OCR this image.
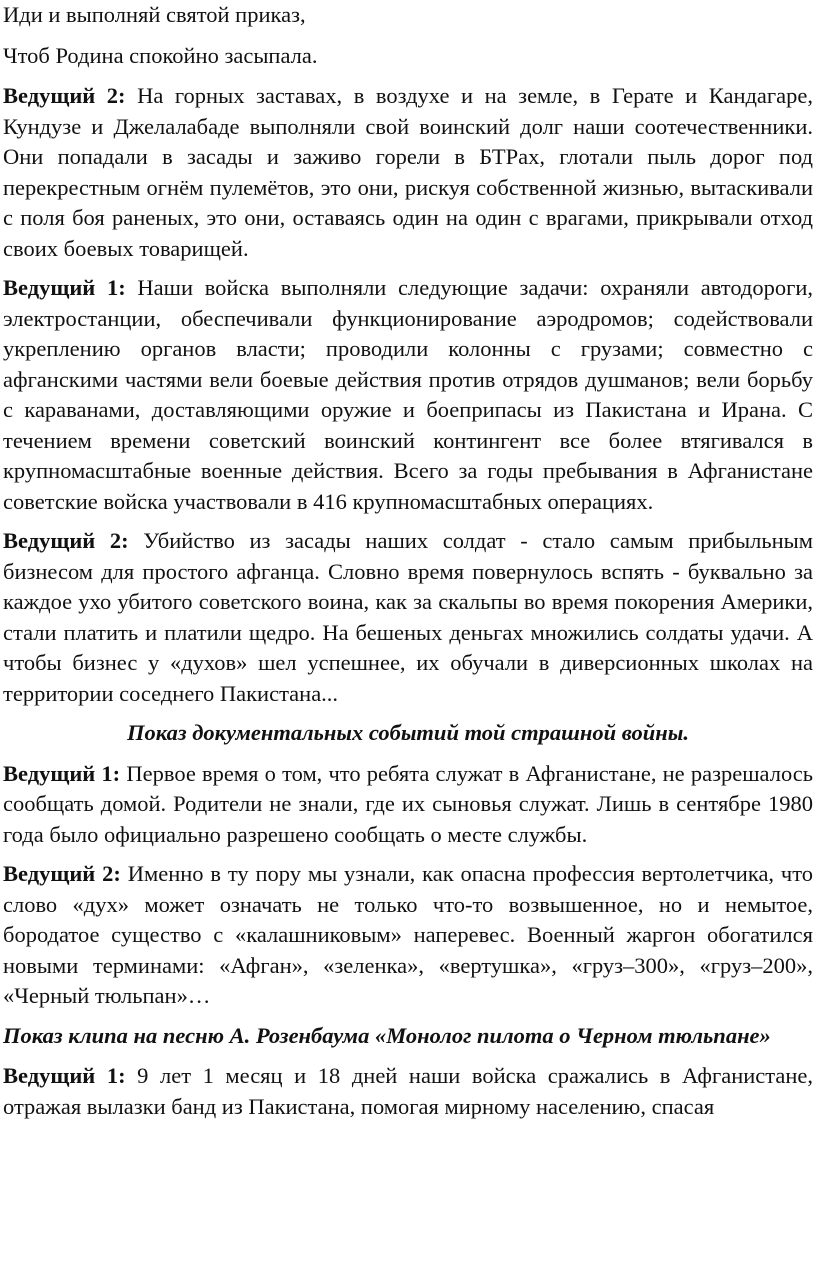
Иди и выполняй святой приказ,

Чтоб Родина спокойно засыпала.

Ведущий 2: На горных заставах, в воздухе и на земле, в Герате и Кандагаре, Кундузе и Джелалабаде выполняли свой воинский долг наши соотечественники. Они попадали в засады и заживо горели в БТРах, глотали пыль дорог под перекрестным огнём пулемётов, это они, рискуя собственной жизнью, вытаскивали с поля боя раненых, это они, оставаясь один на один с врагами, прикрывали отход своих боевых товарищей.

Ведущий 1: Наши войска выполняли следующие задачи: охраняли автодороги, электростанции, обеспечивали функционирование аэродромов; содействовали укреплению органов власти; проводили колонны с грузами; совместно с афганскими частями вели боевые действия против отрядов душманов; вели борьбу с караванами, доставляющими оружие и боеприпасы из Пакистана и Ирана. С течением времени советский воинский контингент все более втягивался в крупномасштабные военные действия. Всего за годы пребывания в Афганистане советские войска участвовали в 416 крупномасштабных операциях.

Ведущий 2: Убийство из засады наших солдат - стало самым прибыльным бизнесом для простого афганца. Словно время повернулось вспять - буквально за каждое ухо убитого советского воина, как за скальпы во время покорения Америки, стали платить и платили щедро. На бешеных деньгах множились солдаты удачи. А чтобы бизнес у «духов» шел успешнее, их обучали в диверсионных школах на территории соседнего Пакистана...

Показ документальных событий той страшной войны.

Ведущий 1: Первое время о том, что ребята служат в Афганистане, не разрешалось сообщать домой. Родители не знали, где их сыновья служат. Лишь в сентябре 1980 года было официально разрешено сообщать о месте службы.

Ведущий 2: Именно в ту пору мы узнали, как опасна профессия вертолетчика, что слово «дух» может означать не только что-то возвышенное, но и немытое, бородатое существо с «калашниковым» наперевес. Военный жаргон обогатился новыми терминами: «Афган», «зеленка», «вертушка», «груз–300», «груз–200», «Черный тюльпан»…

Показ клипа на песню А. Розенбаума «Монолог пилота о Черном тюльпане»

Ведущий 1: 9 лет 1 месяц и 18 дней наши войска сражались в Афганистане, отражая вылазки банд из Пакистана, помогая мирному населению, спасая
